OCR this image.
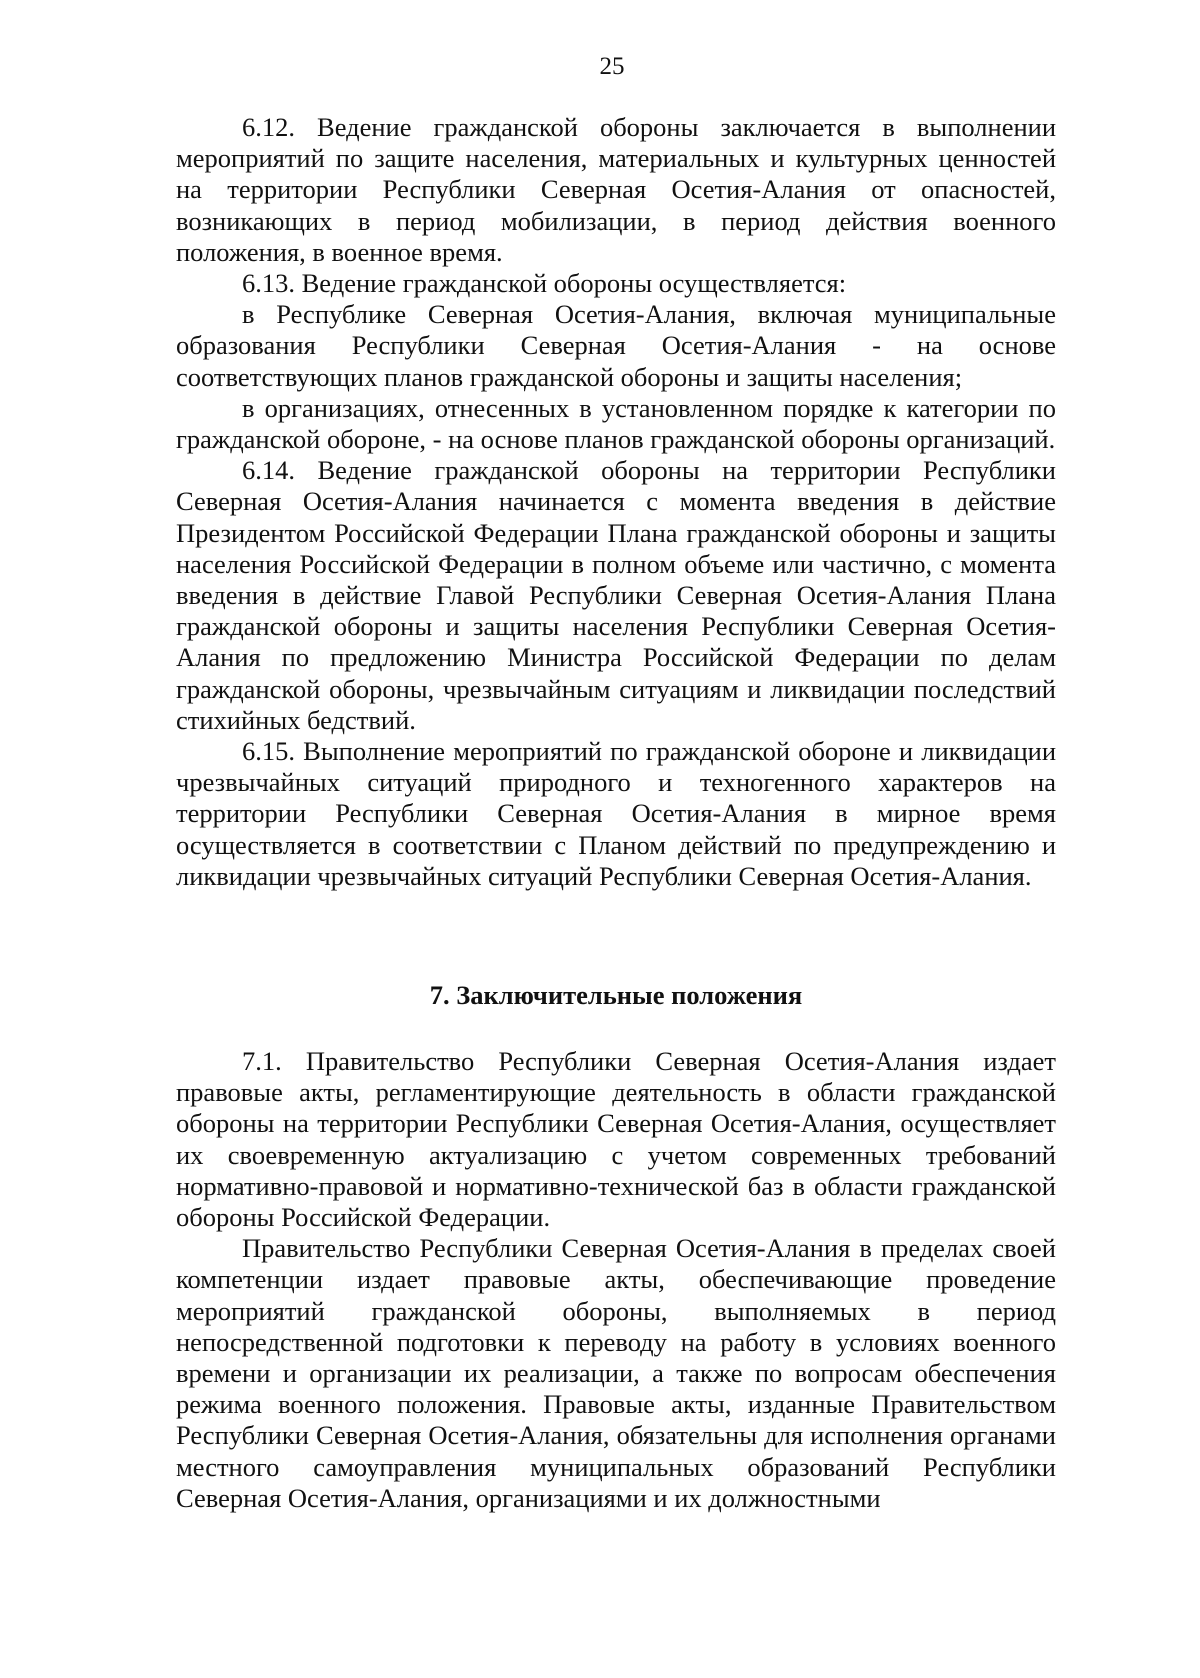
25

6.12. Ведение гражданской обороны заключается в выполнении мероприятий по защите населения, материальных и культурных ценностей на территории Республики Северная Осетия-Алания от опасностей, возникающих в период мобилизации, в период действия военного положения, в военное время.

6.13. Ведение гражданской обороны осуществляется:

в Республике Северная Осетия-Алания, включая муниципальные образования Республики Северная Осетия-Алания - на основе соответствующих планов гражданской обороны и защиты населения;

в организациях, отнесенных в установленном порядке к категории по гражданской обороне, - на основе планов гражданской обороны организаций.

6.14. Ведение гражданской обороны на территории Республики Северная Осетия-Алания начинается с момента введения в действие Президентом Российской Федерации Плана гражданской обороны и защиты населения Российской Федерации в полном объеме или частично, с момента введения в действие Главой Республики Северная Осетия-Алания Плана гражданской обороны и защиты населения Республики Северная Осетия-Алания по предложению Министра Российской Федерации по делам гражданской обороны, чрезвычайным ситуациям и ликвидации последствий стихийных бедствий.

6.15. Выполнение мероприятий по гражданской обороне и ликвидации чрезвычайных ситуаций природного и техногенного характеров на территории Республики Северная Осетия-Алания в мирное время осуществляется в соответствии с Планом действий по предупреждению и ликвидации чрезвычайных ситуаций Республики Северная Осетия-Алания.

7. Заключительные положения

7.1. Правительство Республики Северная Осетия-Алания издает правовые акты, регламентирующие деятельность в области гражданской обороны на территории Республики Северная Осетия-Алания, осуществляет их своевременную актуализацию с учетом современных требований нормативно-правовой и нормативно-технической баз в области гражданской обороны Российской Федерации.

Правительство Республики Северная Осетия-Алания в пределах своей компетенции издает правовые акты, обеспечивающие проведение мероприятий гражданской обороны, выполняемых в период непосредственной подготовки к переводу на работу в условиях военного времени и организации их реализации, а также по вопросам обеспечения режима военного положения. Правовые акты, изданные Правительством Республики Северная Осетия-Алания, обязательны для исполнения органами местного самоуправления муниципальных образований Республики Северная Осетия-Алания, организациями и их должностными
